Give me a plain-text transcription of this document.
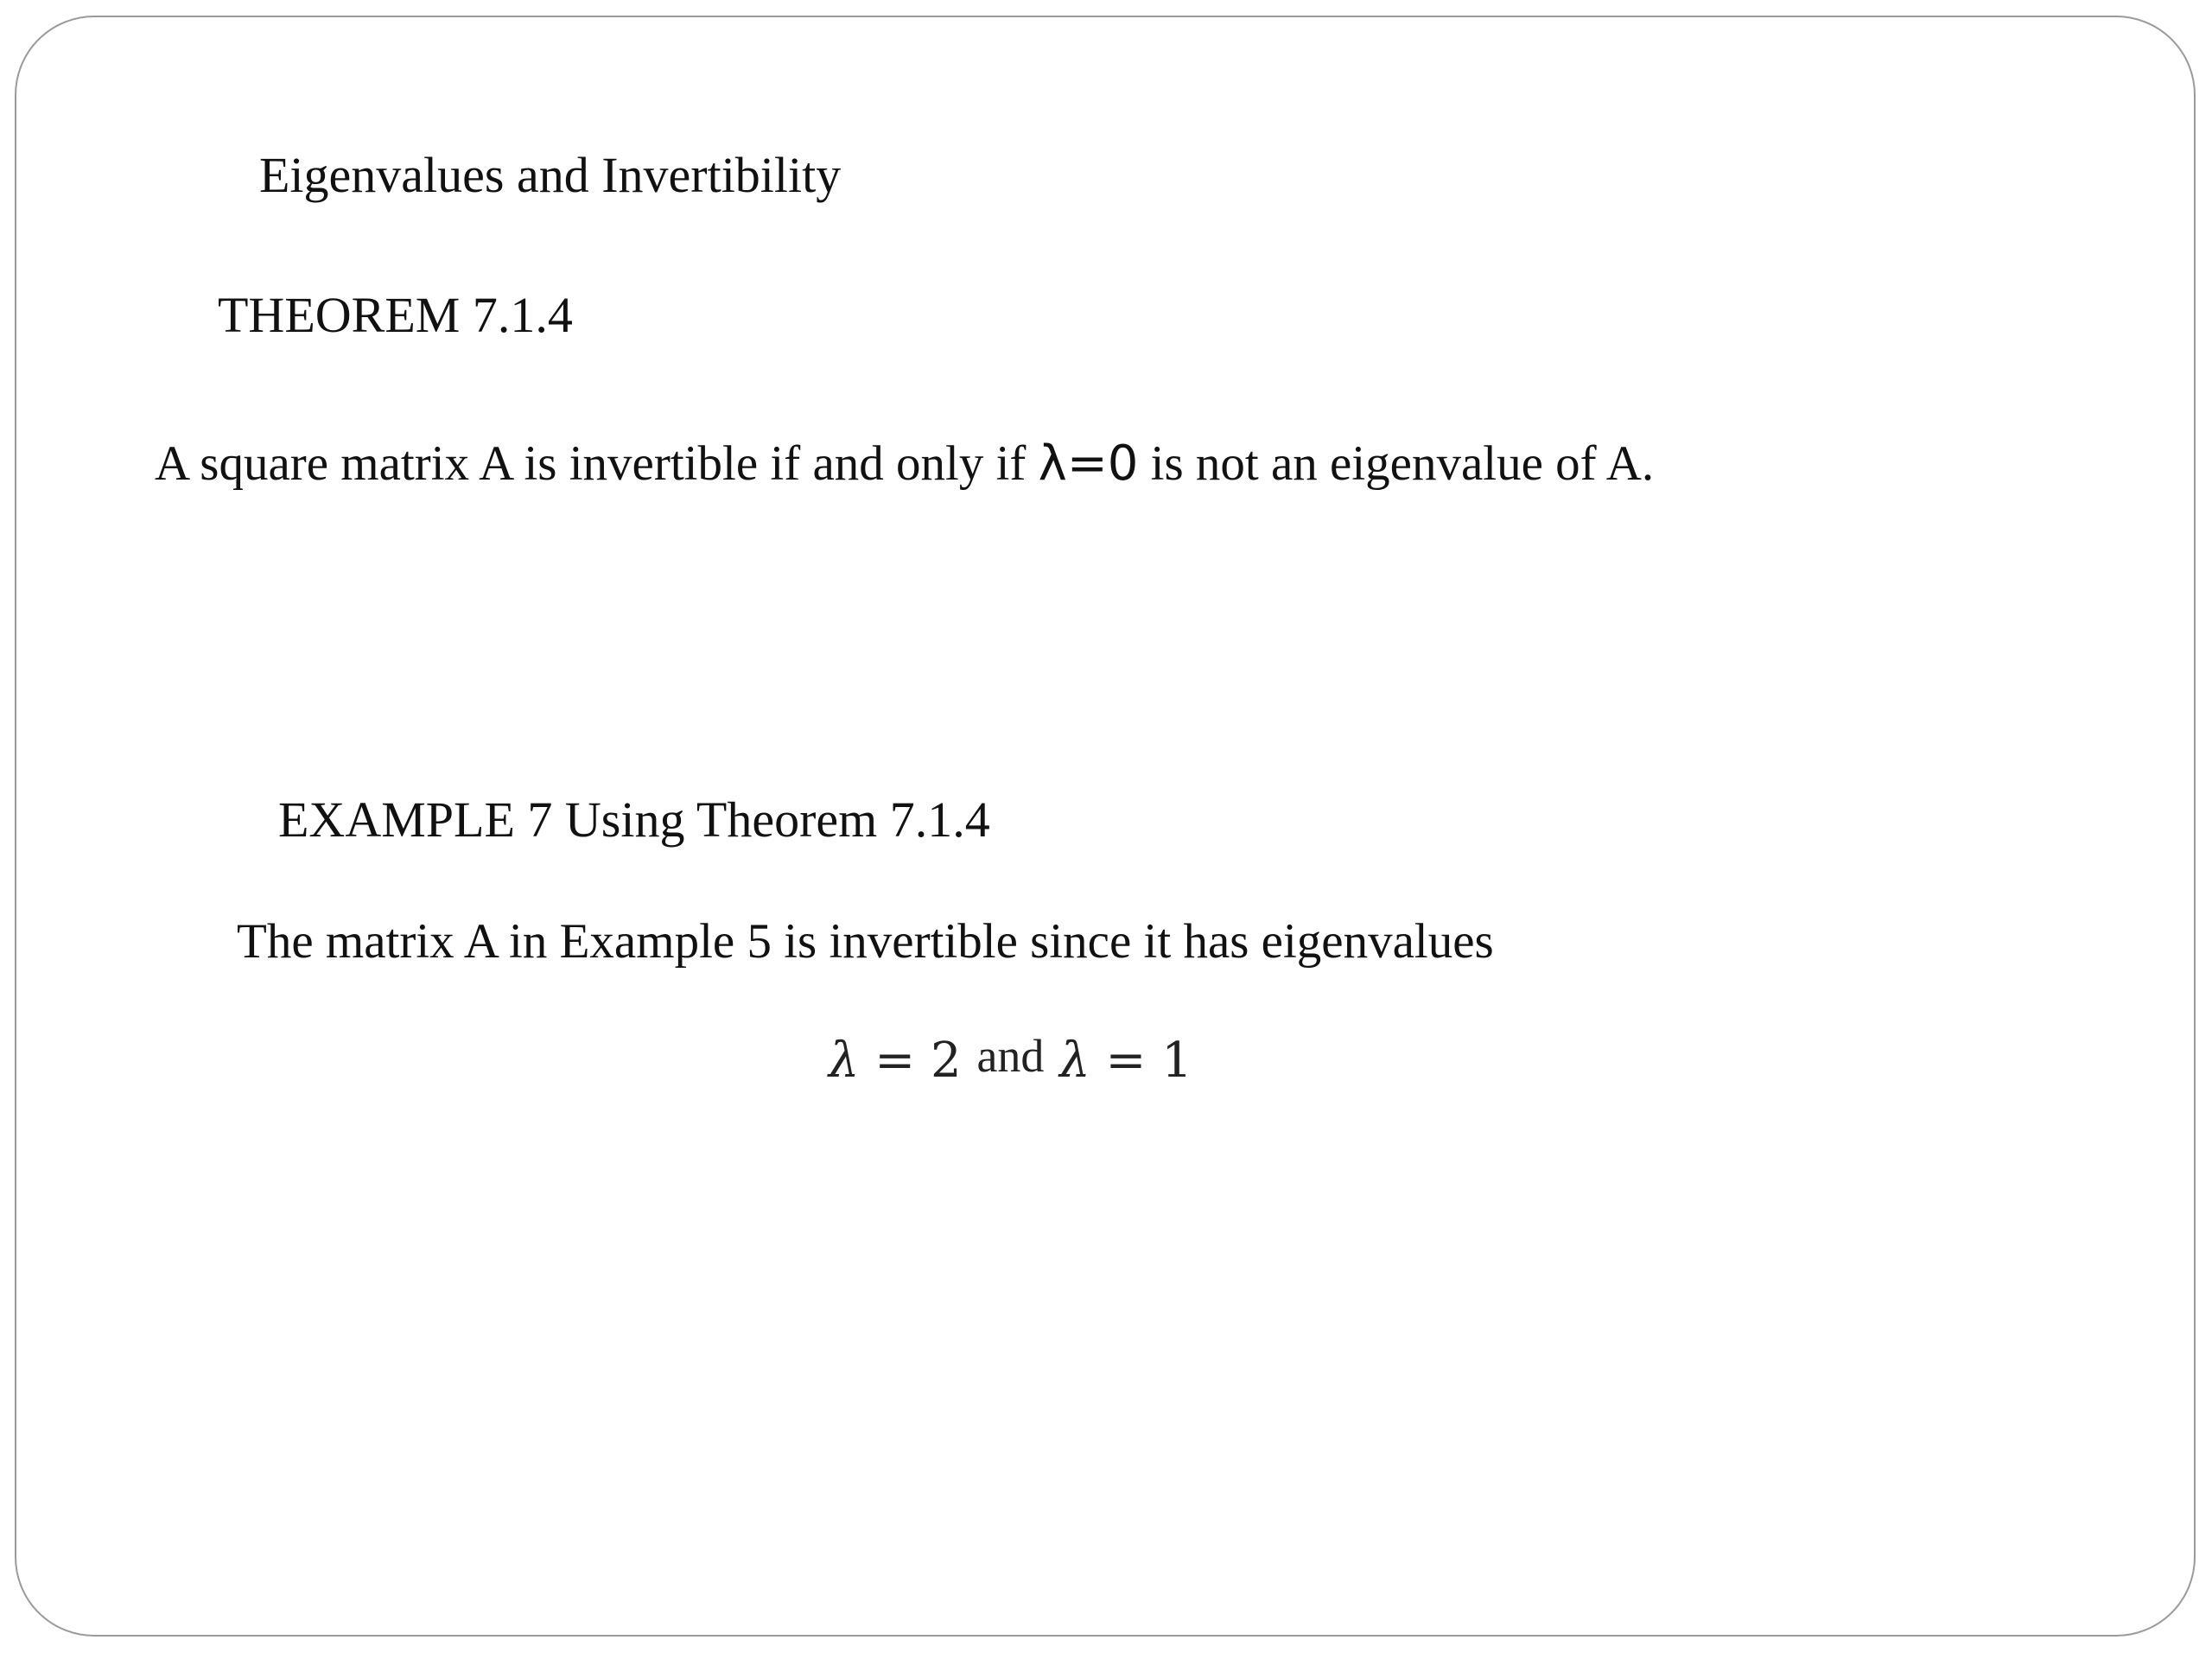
Eigenvalues and Invertibility

THEOREM 7.1.4

A square matrix A is invertible if and only if λ=0 is not an eigenvalue of A.

EXAMPLE 7 Using Theorem 7.1.4

The matrix A in Example 5 is invertible since it has eigenvalues

λ = 2 and λ = 1
